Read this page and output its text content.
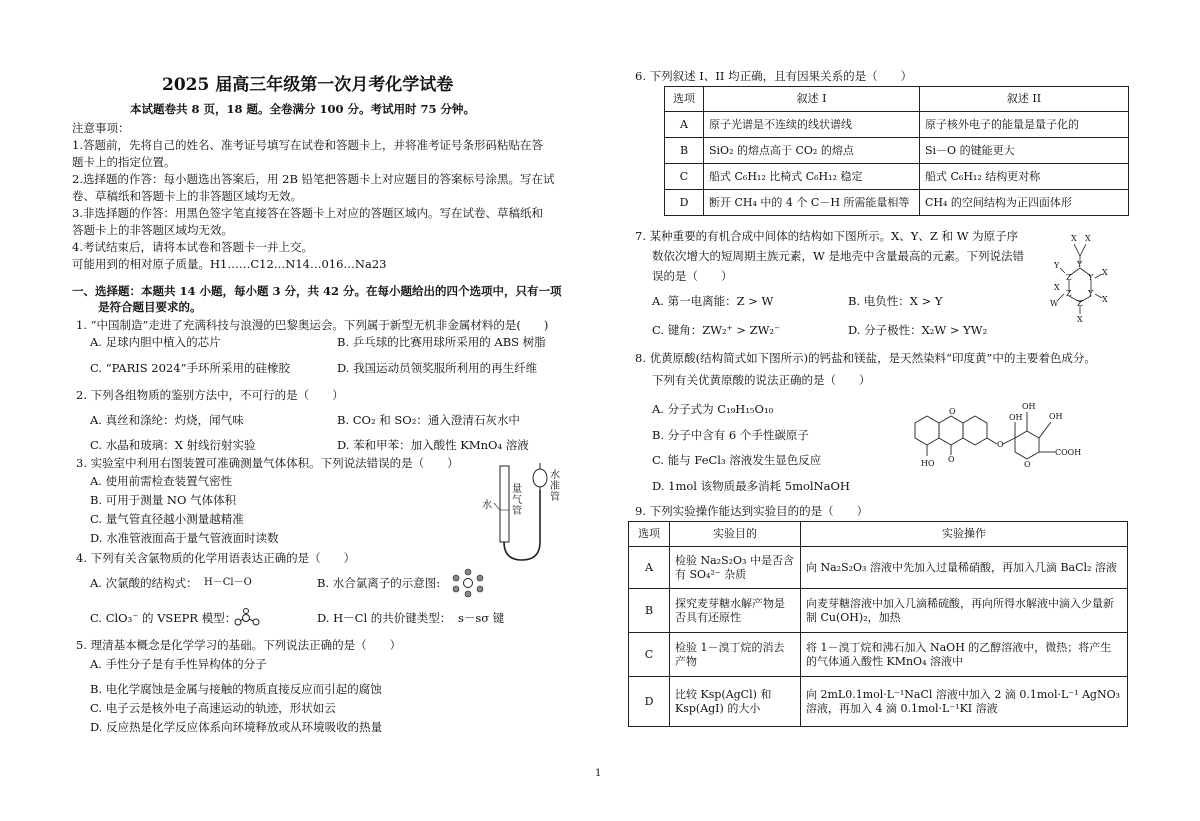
2025 届高三年级第一次月考化学试卷
本试题卷共 8 页，18 题。全卷满分 100 分。考试用时 75 分钟。
注意事项：
1.答题前，先将自己的姓名、准考证号填写在试卷和答题卡上，并将准考证号条形码粘贴在答
题卡上的指定位置。
2.选择题的作答：每小题选出答案后，用 2B 铅笔把答题卡上对应题目的答案标号涂黑。写在试
卷、草稿纸和答题卡上的非答题区域均无效。
3.非选择题的作答：用黑色签字笔直接答在答题卡上对应的答题区域内。写在试卷、草稿纸和
答题卡上的非答题区域均无效。
4.考试结束后，请将本试卷和答题卡一并上交。
可能用到的相对原子质量。H1……C12…N14…016…Na23
一、选择题：本题共 14 小题，每小题 3 分，共 42 分。在每小题给出的四个选项中，只有一项
是符合题目要求的。
1. “中国制造”走进了充满科技与浪漫的巴黎奥运会。下列属于新型无机非金属材料的是(　　)
A. 足球内胆中植入的芯片	B. 乒乓球的比赛用球所采用的 ABS 树脂
C. “PARIS 2024”手环所采用的硅橡胶	D. 我国运动员领奖服所利用的再生纤维
2. 下列各组物质的鉴别方法中，不可行的是（　　）
A. 真丝和涤纶：灼烧，闻气味	B. CO₂ 和 SO₂：通入澄清石灰水中
C. 水晶和玻璃：X 射线衍射实验	D. 苯和甲苯：加入酸性 KMnO₄ 溶液
3. 实验室中利用右图装置可准确测量气体体积。下列说法错误的是（　　）
A. 使用前需检查装置气密性
B. 可用于测量 NO 气体体积
C. 量气管直径越小测量越精准
D. 水准管液面高于量气管液面时读数
4. 下列有关含氯物质的化学用语表达正确的是（　　）
A. 次氯酸的结构式： H－Cl－O	B. 水合氯离子的示意图:
C. ClO₃⁻ 的 VSEPR 模型：	D. H－Cl 的共价键类型： s－sσ 键
5. 理清基本概念是化学学习的基础。下列说法正确的是（　　）
A. 手性分子是有手性异构体的分子
B. 电化学腐蚀是金属与接触的物质直接反应而引起的腐蚀
C. 电子云是核外电子高速运动的轨迹，形状如云
D. 反应热是化学反应体系向环境释放或从环境吸收的热量
水
量气管
水准管
6. 下列叙述 I、II 均正确，且有因果关系的是（　　）
选项	叙述 I	叙述 II
A	原子光谱是不连续的线状谱线	原子核外电子的能量是量子化的
B	SiO₂ 的熔点高于 CO₂ 的熔点	Si－O 的键能更大
C	船式 C₆H₁₂ 比椅式 C₆H₁₂ 稳定	船式 C₆H₁₂ 结构更对称
D	断开 CH₄ 中的 4 个 C－H 所需能量相等	CH₄ 的空间结构为正四面体形
7. 某种重要的有机合成中间体的结构如下图所示。X、Y、Z 和 W 为原子序
数依次增大的短周期主族元素，W 是地壳中含量最高的元素。下列说法错
误的是（　　）
A. 第一电离能：Z > W	B. 电负性：X > Y
C. 键角：ZW₂⁺ > ZW₂⁻	D. 分子极性：X₂W > YW₂
8. 优黄原酸(结构简式如下图所示)的钙盐和镁盐，是天然染料“印度黄”中的主要着色成分。
下列有关优黄原酸的说法正确的是（　　）
A. 分子式为 C₁₉H₁₅O₁₀
B. 分子中含有 6 个手性碳原子
C. 能与 FeCl₃ 溶液发生显色反应
D. 1mol 该物质最多消耗 5molNaOH
9. 下列实验操作能达到实验目的的是（　　）
选项	实验目的	实验操作
A	检验 Na₂S₂O₃ 中是否含有 SO₄²⁻ 杂质	向 Na₂S₂O₃ 溶液中先加入过量稀硝酸，再加入几滴 BaCl₂ 溶液
B	探究麦芽糖水解产物是否具有还原性	向麦芽糖溶液中加入几滴稀硫酸，再向所得水解液中滴入少量新制 Cu(OH)₂，加热
C	检验 1－溴丁烷的消去产物	将 1－溴丁烷和沸石加入 NaOH 的乙醇溶液中，微热；将产生的气体通入酸性 KMnO₄ 溶液中
D	比较 Ksp(AgCl) 和 Ksp(AgI) 的大小	向 2mL0.1mol·L⁻¹NaCl 溶液中加入 2 滴 0.1mol·L⁻¹ AgNO₃ 溶液，再加入 4 滴 0.1mol·L⁻¹KI 溶液
X
Y
X
Y
X
Z
Y
X
W
Z Y
Z
X
X
HO
OH
OH
O
O
OH
O
O
COOH
1
